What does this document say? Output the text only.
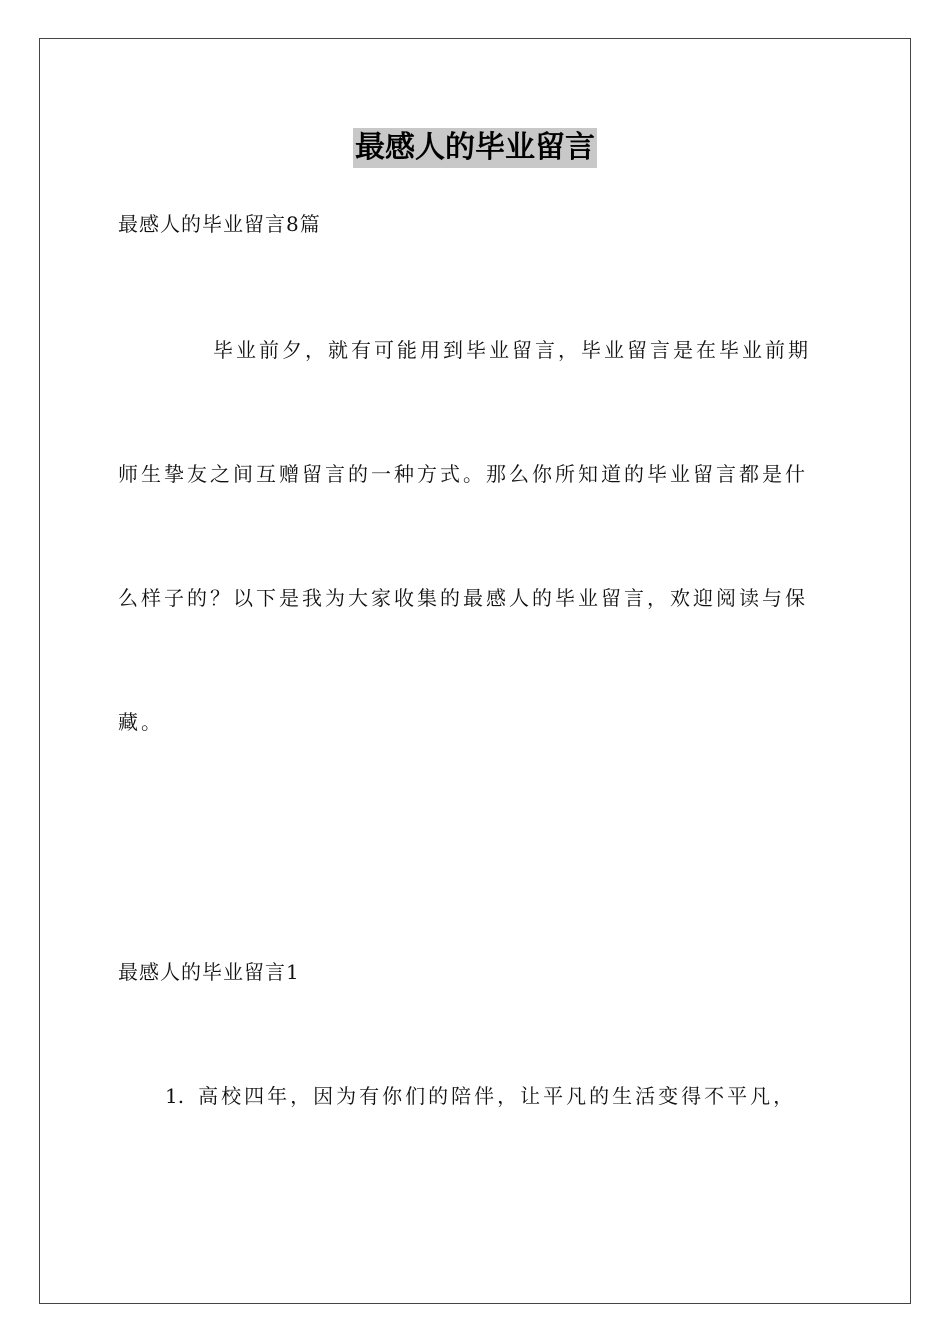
最感人的毕业留言
最感人的毕业留言8篇
毕业前夕，就有可能用到毕业留言，毕业留言是在毕业前期
师生挚友之间互赠留言的一种方式。那么你所知道的毕业留言都是什
么样子的？以下是我为大家收集的最感人的毕业留言，欢迎阅读与保
藏。
最感人的毕业留言1
1. 高校四年，因为有你们的陪伴，让平凡的生活变得不平凡，
